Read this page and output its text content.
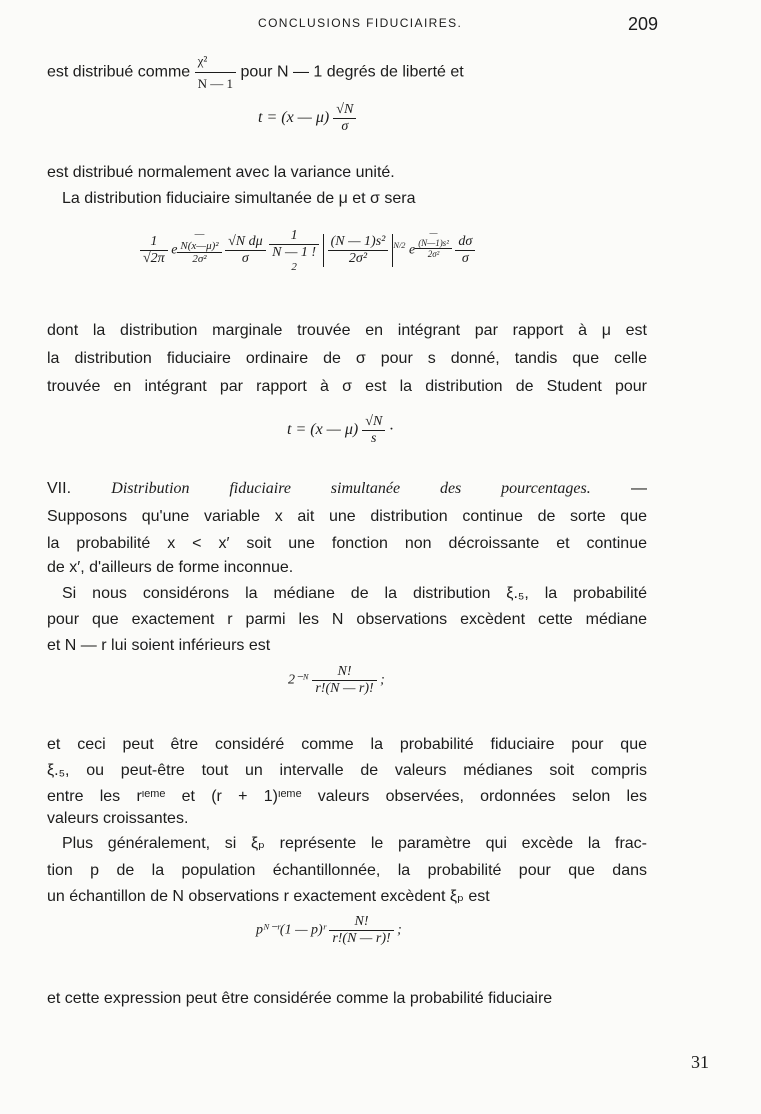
CONCLUSIONS FIDUCIAIRES.	209
est distribué comme $\frac{\text{χ²}}{N — 1}$ pour N — 1 degrés de liberté et
t = (x — $\mu) \frac{√N}{\sigma}$
est distribué normalement avec la variance unité.
La distribution fiduciaire simultanée de μ et σ sera
$\frac{1}{√2\pi}$ e—
N(x—μ)²
2σ²
	$\frac{\text{√N dμ}}{\sigma}$
	1
N — 1 !
2
	$\frac{\text{(N — 1)s²}}{\text{2σ²}} ^{N/2}$ e—
(N—1)s²
2σ²
	$\frac{d\sigma}{\sigma}$
dont la distribution marginale trouvée en intégrant par rapport à μ est
la distribution fiduciaire ordinaire de σ pour s donné, tandis que celle
trouvée en intégrant par rapport à σ est la distribution de Student pour
t = (x — $\mu) \frac{√N}{s}$ ·
VII.	Distribution fiduciaire simultanée des pourcentages.	—
Supposons qu'une variable x ait une distribution continue de sorte que
la probabilité x < x′ soit une fonction non décroissante et continue
de x′, d'ailleurs de forme inconnue.
Si nous considérons la médiane de la distribution ξ.₅, la probabilité
pour que exactement r parmi les N observations excèdent cette médiane
et N — r lui soient inférieurs est
2⁻ᴺ $\frac{N!}{r!(N — r)!}$ ;
et ceci peut être considéré comme la probabilité fiduciaire pour que
ξ.₅, ou peut-être tout un intervalle de valeurs médianes soit compris
entre les rᶦᵉᵐᵉ et (r + 1)ᶦᵉᵐᵉ valeurs observées, ordonnées selon les
valeurs croissantes.
Plus généralement, si ξₚ représente le paramètre qui excède la frac-
tion p de la population échantillonnée, la probabilité pour que dans
un échantillon de N observations r exactement excèdent ξₚ est
pᴺ⁻ʳ(1 — p)ʳ $\frac{N!}{r!(N — r)!}$ ;
et cette expression peut être considérée comme la probabilité fiduciaire
31
